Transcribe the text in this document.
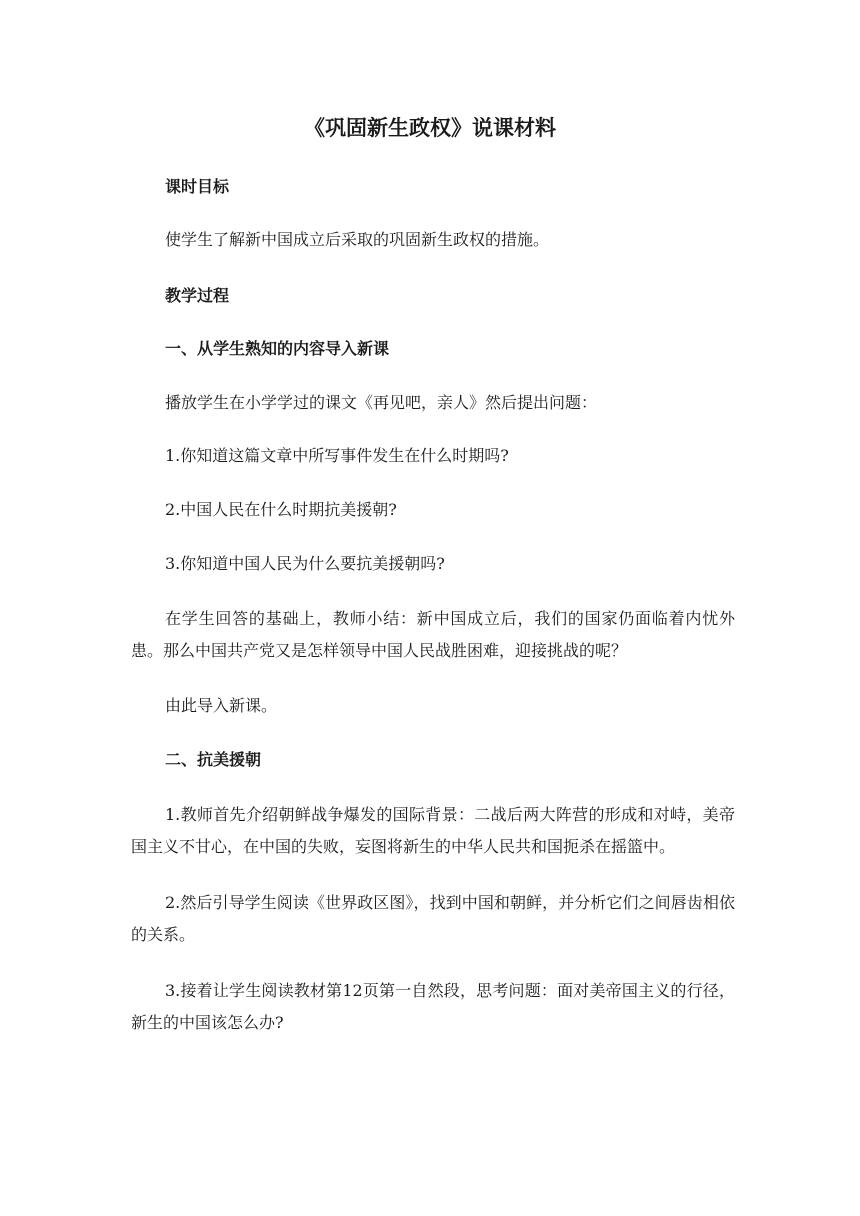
《巩固新生政权》说课材料

课时目标

使学生了解新中国成立后采取的巩固新生政权的措施。

教学过程

一、从学生熟知的内容导入新课

播放学生在小学学过的课文《再见吧，亲人》然后提出问题：

1.你知道这篇文章中所写事件发生在什么时期吗?

2.中国人民在什么时期抗美援朝?

3.你知道中国人民为什么要抗美援朝吗?

在学生回答的基础上，教师小结：新中国成立后，我们的国家仍面临着内忧外患。那么中国共产党又是怎样领导中国人民战胜困难，迎接挑战的呢？

由此导入新课。

二、抗美援朝

1.教师首先介绍朝鲜战争爆发的国际背景：二战后两大阵营的形成和对峙，美帝国主义不甘心，在中国的失败，妄图将新生的中华人民共和国扼杀在摇篮中。

2.然后引导学生阅读《世界政区图》，找到中国和朝鲜，并分析它们之间唇齿相依的关系。

3.接着让学生阅读教材第12页第一自然段，思考问题：面对美帝国主义的行径，新生的中国该怎么办?
